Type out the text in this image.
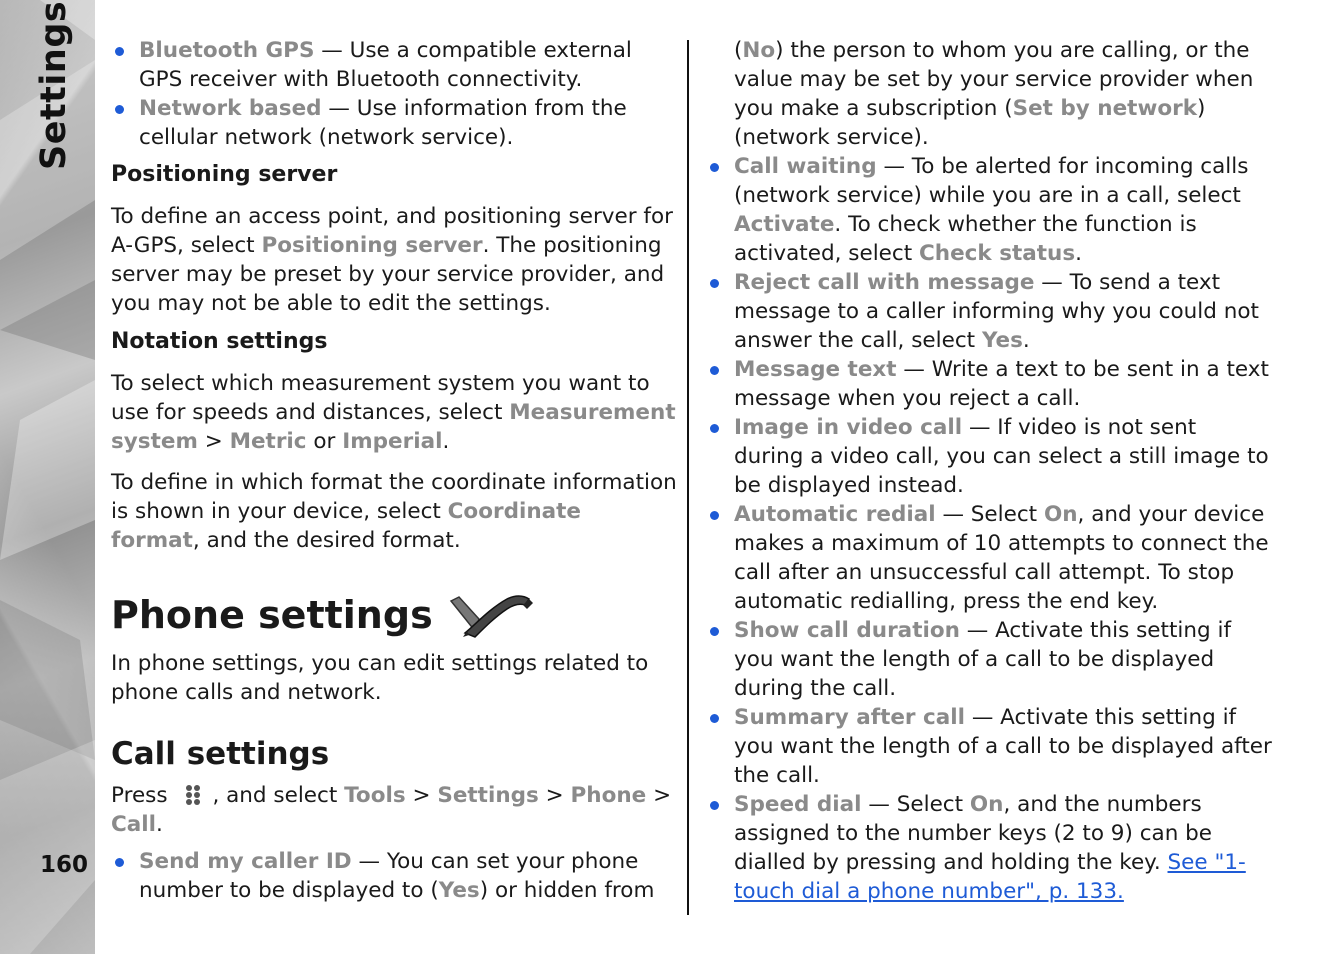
Settings
160
Bluetooth GPS — Use a compatible external GPS receiver with Bluetooth connectivity.
Network based — Use information from the cellular network (network service).
Positioning server

To define an access point, and positioning server for A-GPS, select Positioning server. The positioning server may be preset by your service provider, and you may not be able to edit the settings.

Notation settings

To select which measurement system you want to use for speeds and distances, select Measurement system > Metric or Imperial.

To define in which format the coordinate information is shown in your device, select Coordinate format, and the desired format.

Phone settings

In phone settings, you can edit settings related to phone calls and network.

Call settings

Press , and select Tools > Settings > Phone > Call.

Send my caller ID — You can set your phone number to be displayed to (Yes) or hidden from

(No) the person to whom you are calling, or the value may be set by your service provider when you make a subscription (Set by network) (network service).

Call waiting — To be alerted for incoming calls (network service) while you are in a call, select Activate. To check whether the function is activated, select Check status.
Reject call with message — To send a text message to a caller informing why you could not answer the call, select Yes.
Message text — Write a text to be sent in a text message when you reject a call.
Image in video call — If video is not sent during a video call, you can select a still image to be displayed instead.
Automatic redial — Select On, and your device makes a maximum of 10 attempts to connect the call after an unsuccessful call attempt. To stop automatic redialling, press the end key.
Show call duration — Activate this setting if you want the length of a call to be displayed during the call.
Summary after call — Activate this setting if you want the length of a call to be displayed after the call.
Speed dial — Select On, and the numbers assigned to the number keys (2 to 9) can be dialled by pressing and holding the key. See "1-touch dial a phone number", p. 133.
